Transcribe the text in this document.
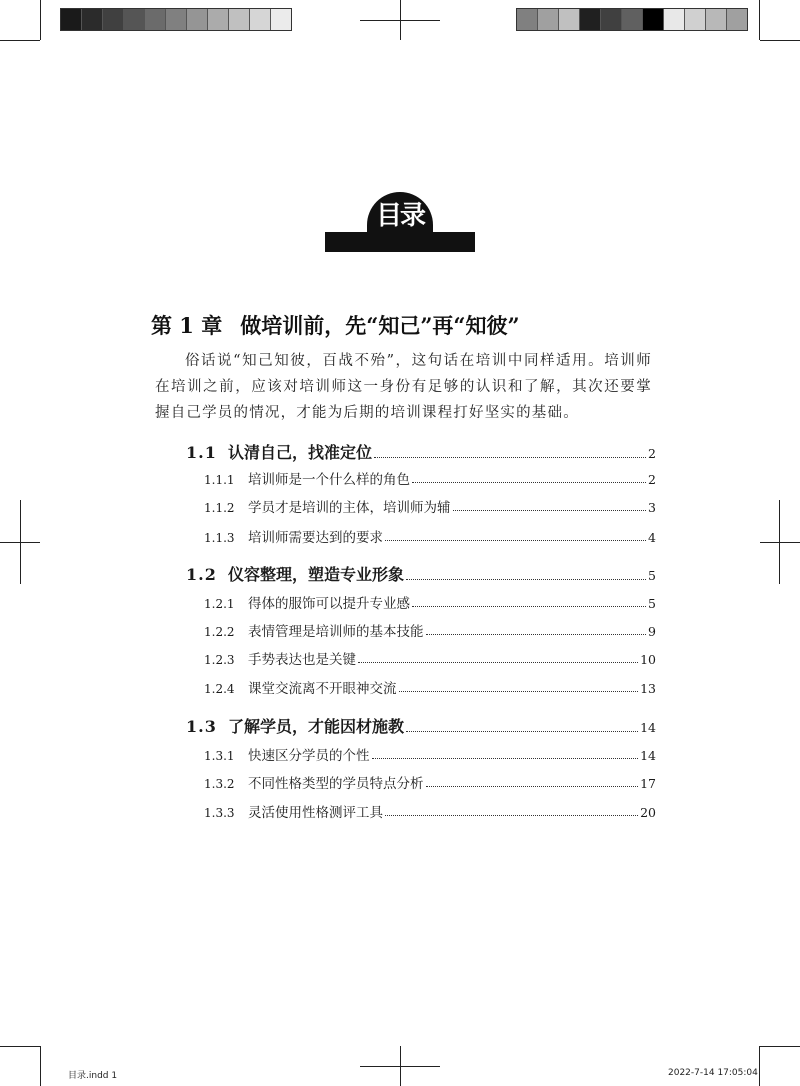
目录
第 1 章 做培训前，先“知己”再“知彼”
俗话说“知己知彼，百战不殆”，这句话在培训中同样适用。培训师在培训之前，应该对培训师这一身份有足够的认识和了解，其次还要掌握自己学员的情况，才能为后期的培训课程打好坚实的基础。
1.1 认清自己，找准定位	2
1.1.1 培训师是一个什么样的角色	2
1.1.2 学员才是培训的主体，培训师为辅	3
1.1.3 培训师需要达到的要求	4
1.2 仪容整理，塑造专业形象	5
1.2.1 得体的服饰可以提升专业感	5
1.2.2 表情管理是培训师的基本技能	9
1.2.3 手势表达也是关键	10
1.2.4 课堂交流离不开眼神交流	13
1.3 了解学员，才能因材施教	14
1.3.1 快速区分学员的个性	14
1.3.2 不同性格类型的学员特点分析	17
1.3.3 灵活使用性格测评工具	20
目录.indd 1	2022-7-14 17:05:04
